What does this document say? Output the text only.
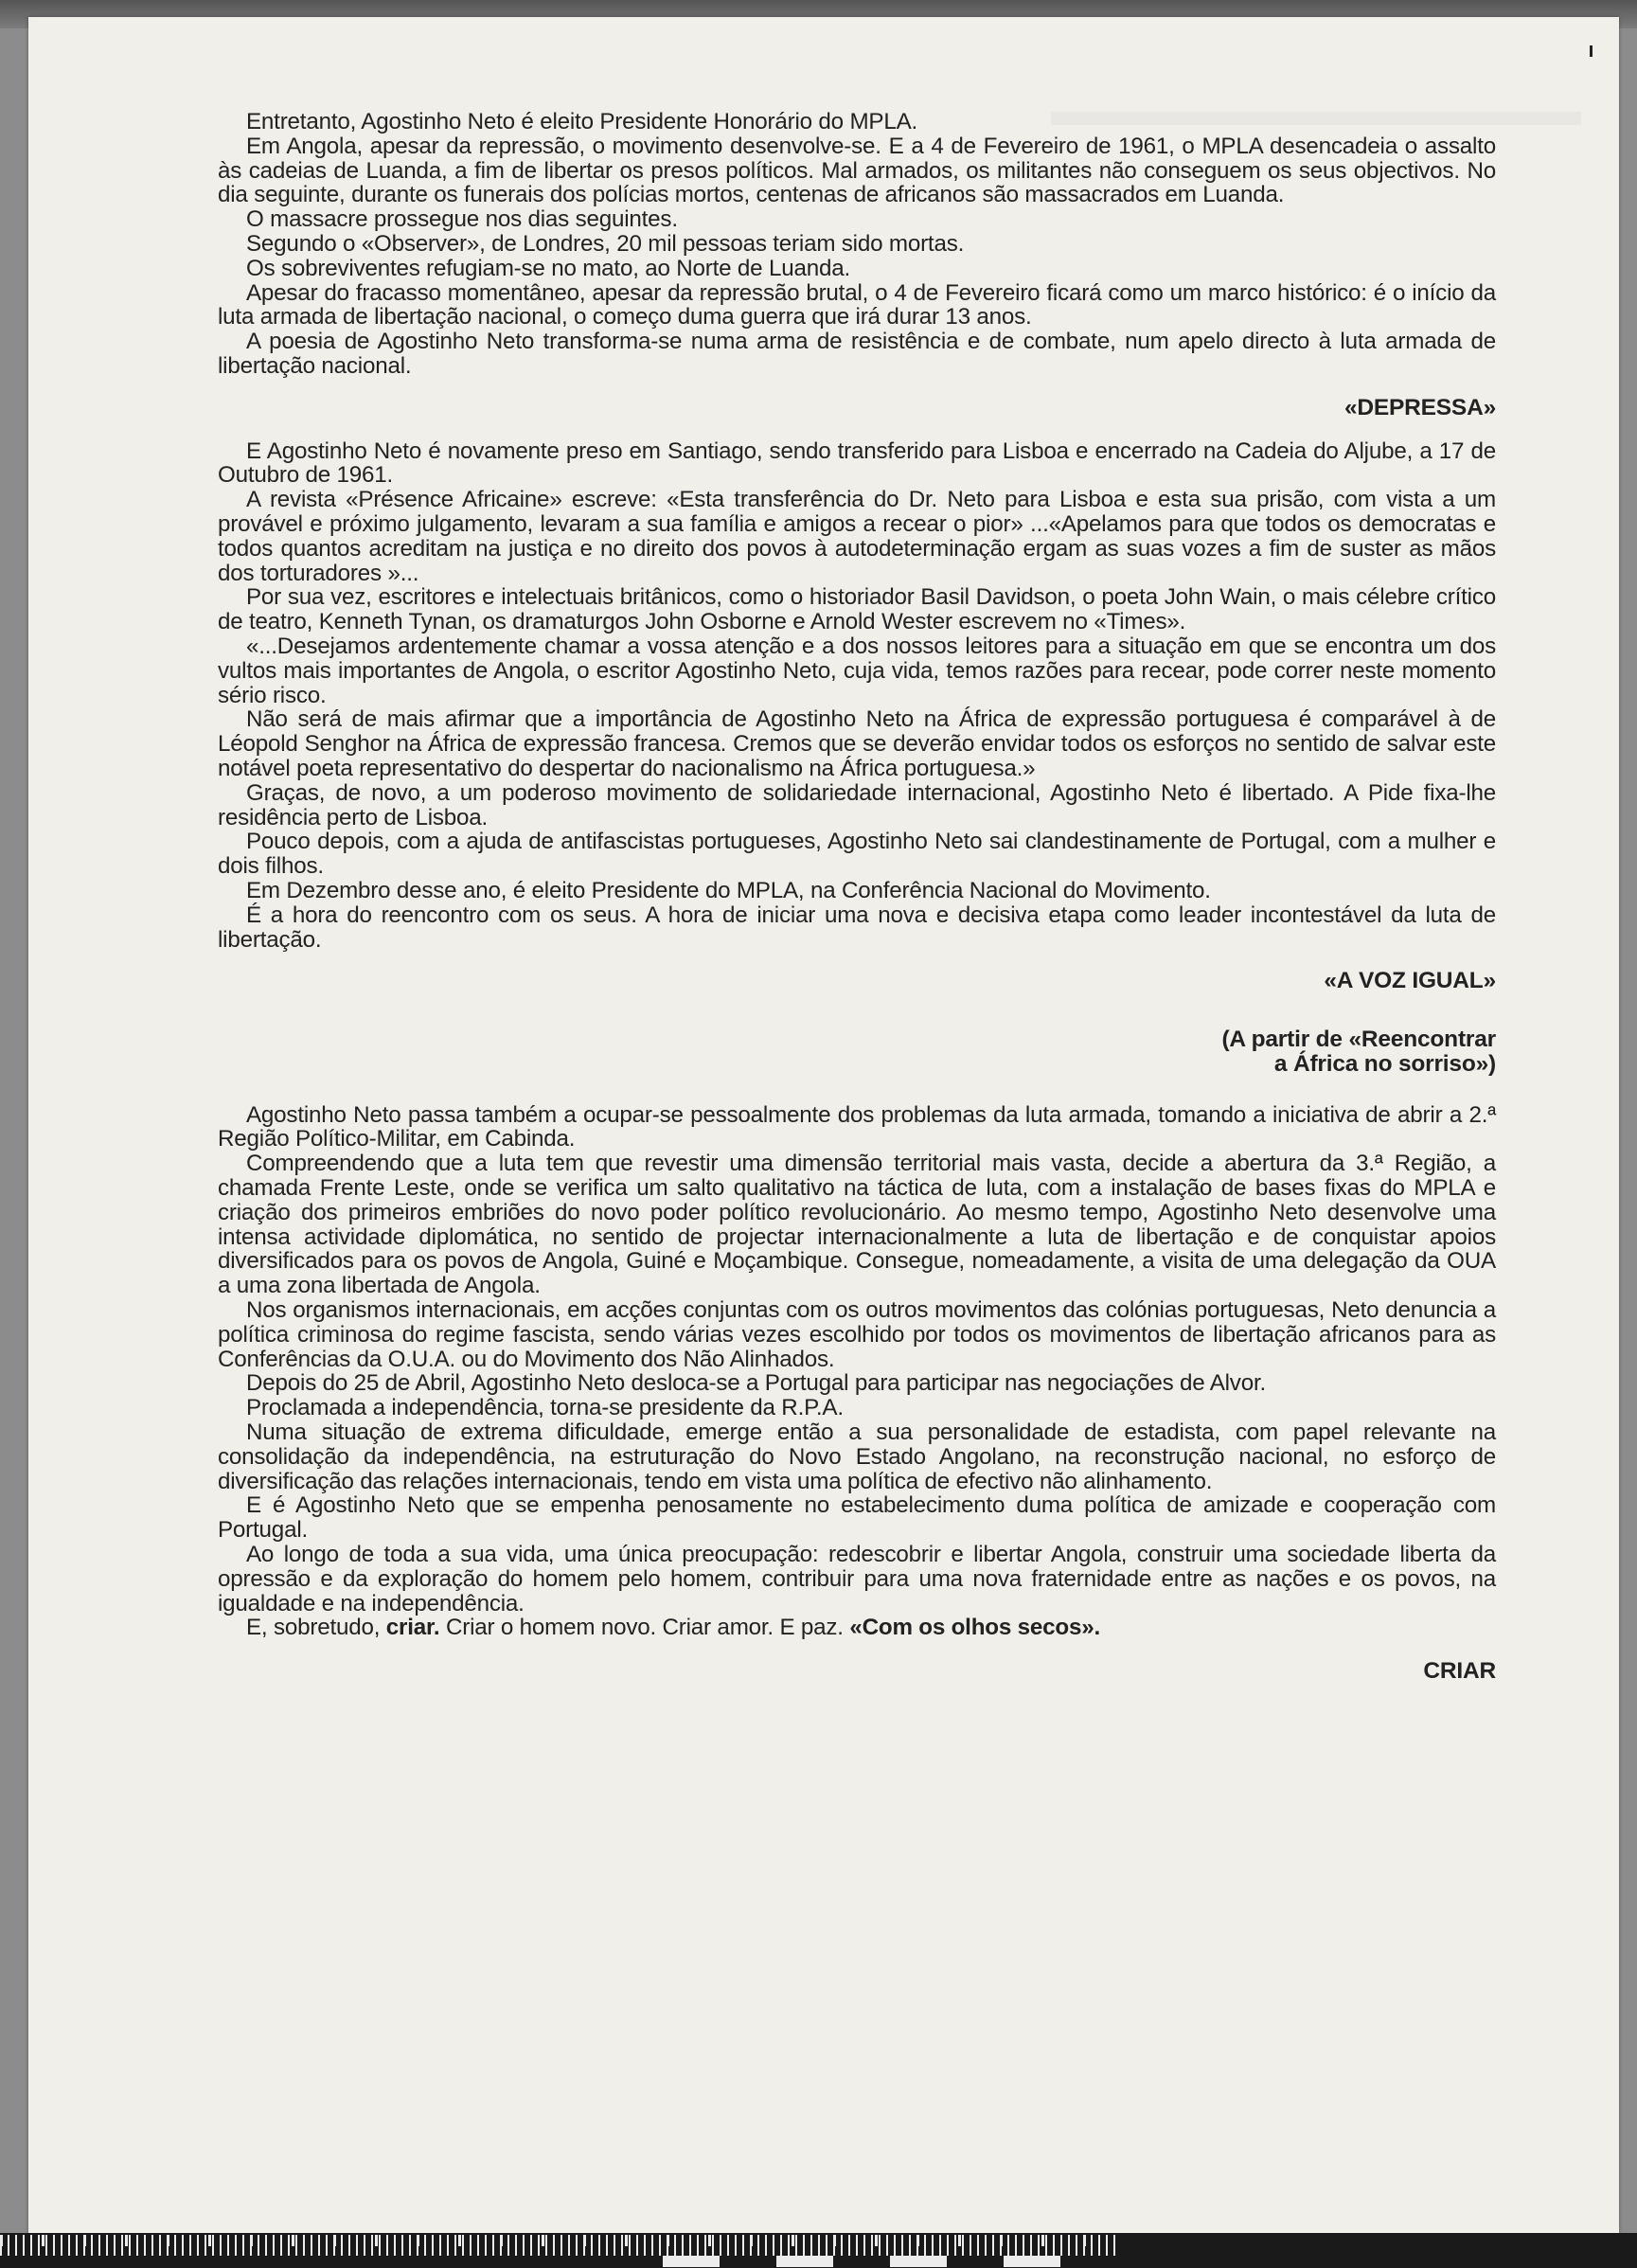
Entretanto, Agostinho Neto é eleito Presidente Honorário do MPLA.

Em Angola, apesar da repressão, o movimento desenvolve-se. E a 4 de Fevereiro de 1961, o MPLA desencadeia o assalto às cadeias de Luanda, a fim de libertar os presos políticos. Mal armados, os militantes não conseguem os seus objectivos. No dia seguinte, durante os funerais dos polícias mortos, centenas de africanos são massacrados em Luanda.

O massacre prossegue nos dias seguintes.

Segundo o «Observer», de Londres, 20 mil pessoas teriam sido mortas.

Os sobreviventes refugiam-se no mato, ao Norte de Luanda.

Apesar do fracasso momentâneo, apesar da repressão brutal, o 4 de Fevereiro ficará como um marco histórico: é o início da luta armada de libertação nacional, o começo duma guerra que irá durar 13 anos.

A poesia de Agostinho Neto transforma-se numa arma de resistência e de combate, num apelo directo à luta armada de libertação nacional.

«DEPRESSA»

E Agostinho Neto é novamente preso em Santiago, sendo transferido para Lisboa e encerrado na Cadeia do Aljube, a 17 de Outubro de 1961.

A revista «Présence Africaine» escreve: «Esta transferência do Dr. Neto para Lisboa e esta sua prisão, com vista a um provável e próximo julgamento, levaram a sua família e amigos a recear o pior» ...«Apelamos para que todos os democratas e todos quantos acreditam na justiça e no direito dos povos à autodeterminação ergam as suas vozes a fim de suster as mãos dos torturadores »...

Por sua vez, escritores e intelectuais britânicos, como o historiador Basil Davidson, o poeta John Wain, o mais célebre crítico de teatro, Kenneth Tynan, os dramaturgos John Osborne e Arnold Wester escrevem no «Times».

«...Desejamos ardentemente chamar a vossa atenção e a dos nossos leitores para a situação em que se encontra um dos vultos mais importantes de Angola, o escritor Agostinho Neto, cuja vida, temos razões para recear, pode correr neste momento sério risco.

Não será de mais afirmar que a importância de Agostinho Neto na África de expressão portuguesa é comparável à de Léopold Senghor na África de expressão francesa. Cremos que se deverão envidar todos os esforços no sentido de salvar este notável poeta representativo do despertar do nacionalismo na África portuguesa.»

Graças, de novo, a um poderoso movimento de solidariedade internacional, Agostinho Neto é libertado. A Pide fixa-lhe residência perto de Lisboa.

Pouco depois, com a ajuda de antifascistas portugueses, Agostinho Neto sai clandestinamente de Portugal, com a mulher e dois filhos.

Em Dezembro desse ano, é eleito Presidente do MPLA, na Conferência Nacional do Movimento.

É a hora do reencontro com os seus. A hora de iniciar uma nova e decisiva etapa como leader incontestável da luta de libertação.

«A VOZ IGUAL»

(A partir de «Reencontrar
a África no sorriso»)

Agostinho Neto passa também a ocupar-se pessoalmente dos problemas da luta armada, tomando a iniciativa de abrir a 2.ª Região Político-Militar, em Cabinda.

Compreendendo que a luta tem que revestir uma dimensão territorial mais vasta, decide a abertura da 3.ª Região, a chamada Frente Leste, onde se verifica um salto qualitativo na táctica de luta, com a instalação de bases fixas do MPLA e criação dos primeiros embriões do novo poder político revolucionário. Ao mesmo tempo, Agostinho Neto desenvolve uma intensa actividade diplomática, no sentido de projectar internacionalmente a luta de libertação e de conquistar apoios diversificados para os povos de Angola, Guiné e Moçambique. Consegue, nomeadamente, a visita de uma delegação da OUA a uma zona libertada de Angola.

Nos organismos internacionais, em acções conjuntas com os outros movimentos das colónias portuguesas, Neto denuncia a política criminosa do regime fascista, sendo várias vezes escolhido por todos os movimentos de libertação africanos para as Conferências da O.U.A. ou do Movimento dos Não Alinhados.

Depois do 25 de Abril, Agostinho Neto desloca-se a Portugal para participar nas negociações de Alvor.

Proclamada a independência, torna-se presidente da R.P.A.

Numa situação de extrema dificuldade, emerge então a sua personalidade de estadista, com papel relevante na consolidação da independência, na estruturação do Novo Estado Angolano, na reconstrução nacional, no esforço de diversificação das relações internacionais, tendo em vista uma política de efectivo não alinhamento.

E é Agostinho Neto que se empenha penosamente no estabelecimento duma política de amizade e cooperação com Portugal.

Ao longo de toda a sua vida, uma única preocupação: redescobrir e libertar Angola, construir uma sociedade liberta da opressão e da exploração do homem pelo homem, contribuir para uma nova fraternidade entre as nações e os povos, na igualdade e na independência.

E, sobretudo, criar. Criar o homem novo. Criar amor. E paz. «Com os olhos secos».

CRIAR
